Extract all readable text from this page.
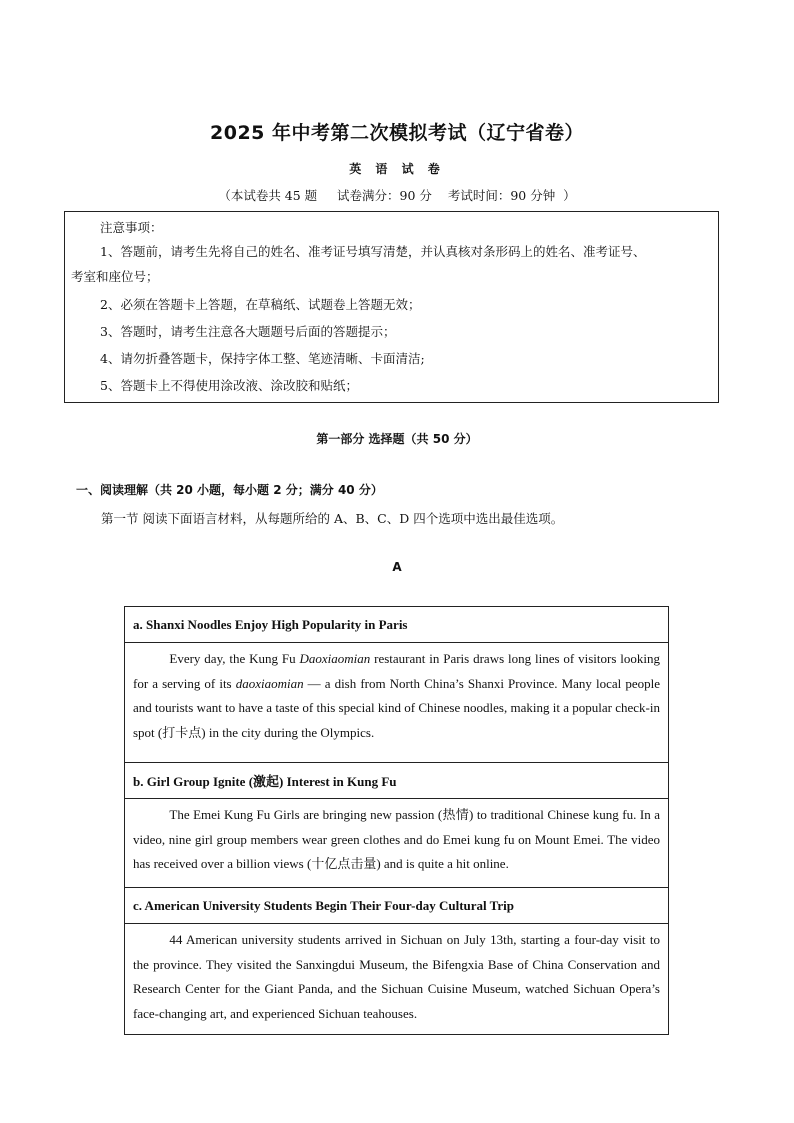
2025 年中考第二次模拟考试（辽宁省卷）
英 语 试 卷
（本试卷共 45 题     试卷满分：90 分    考试时间：90 分钟  ）
注意事项：
1、答题前，请考生先将自己的姓名、准考证号填写清楚，并认真核对条形码上的姓名、准考证号、
考室和座位号；
2、必须在答题卡上答题，在草稿纸、试题卷上答题无效；
3、答题时，请考生注意各大题题号后面的答题提示；
4、请勿折叠答题卡，保持字体工整、笔迹清晰、卡面清洁;
5、答题卡上不得使用涂改液、涂改胶和贴纸；
第一部分 选择题（共 50 分）
一、阅读理解（共 20 小题，每小题 2 分；满分 40 分）
第一节 阅读下面语言材料，从每题所给的 A、B、C、D 四个选项中选出最佳选项。
A
a. Shanxi Noodles Enjoy High Popularity in Paris

Every day, the Kung Fu Daoxiaomian restaurant in Paris draws long lines of visitors looking for a serving of its daoxiaomian — a dish from North China’s Shanxi Province. Many local people and tourists want to have a taste of this special kind of Chinese noodles, making it a popular check-in spot (打卡点) in the city during the Olympics.

b. Girl Group Ignite (激起) Interest in Kung Fu

The Emei Kung Fu Girls are bringing new passion (热情) to traditional Chinese kung fu. In a video, nine girl group members wear green clothes and do Emei kung fu on Mount Emei. The video has received over a billion views (十亿点击量) and is quite a hit online.

c. American University Students Begin Their Four-day Cultural Trip

44 American university students arrived in Sichuan on July 13th, starting a four-day visit to the province. They visited the Sanxingdui Museum, the Bifengxia Base of China Conservation and Research Center for the Giant Panda, and the Sichuan Cuisine Museum, watched Sichuan Opera’s face-changing art, and experienced Sichuan teahouses.
